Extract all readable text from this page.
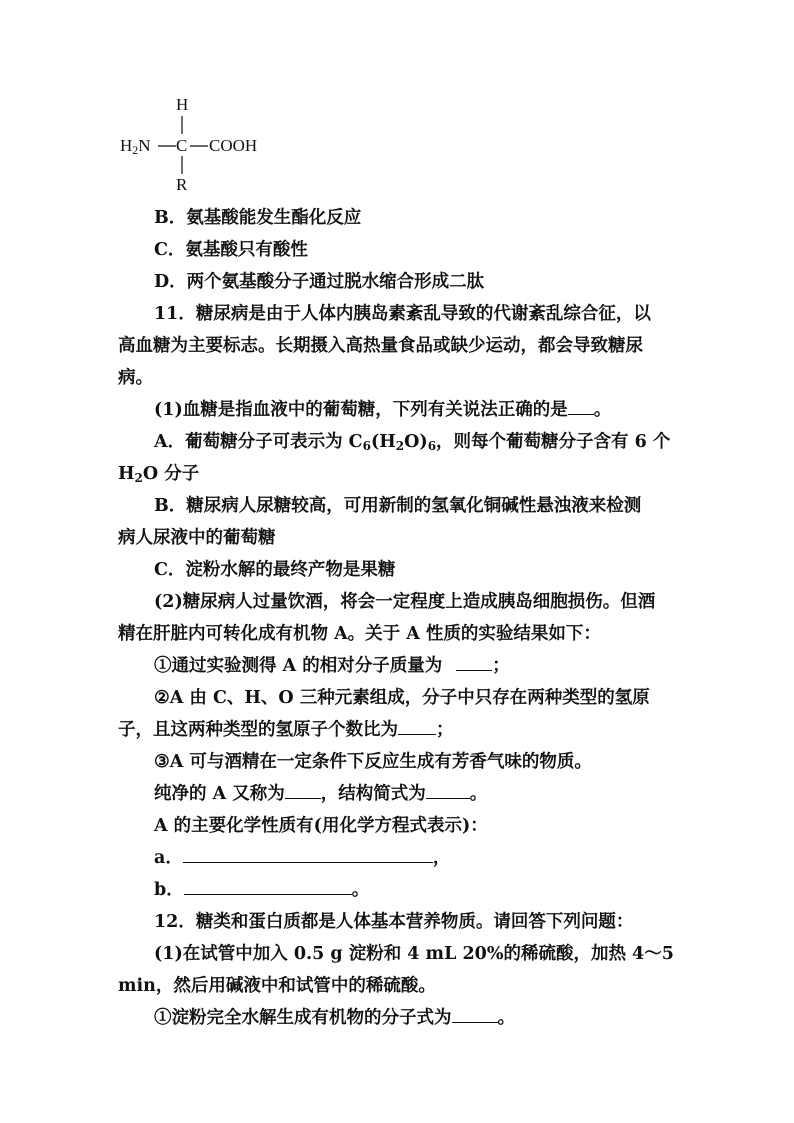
H
$H_2N$ C COOH
R
B．氨基酸能发生酯化反应
C．氨基酸只有酸性
D．两个氨基酸分子通过脱水缩合形成二肽
11．糖尿病是由于人体内胰岛素紊乱导致的代谢紊乱综合征，以
高血糖为主要标志。长期摄入高热量食品或缺少运动，都会导致糖尿
病。
(1)血糖是指血液中的葡萄糖，下列有关说法正确的是 。
A．葡萄糖分子可表示为 $C_6(H_2O)_6$，则每个葡萄糖分子含有 6 个
$H_2O$ 分子
B．糖尿病人尿糖较高，可用新制的氢氧化铜碱性悬浊液来检测
病人尿液中的葡萄糖
C．淀粉水解的最终产物是果糖
(2)糖尿病人过量饮酒，将会一定程度上造成胰岛细胞损伤。但酒
精在肝脏内可转化成有机物 A。关于 A 性质的实验结果如下：
①通过实验测得 A 的相对分子质量为	；
②A 由 C、H、O 三种元素组成，分子中只存在两种类型的氢原
子，且这两种类型的氢原子个数比为 ；
③A 可与酒精在一定条件下反应生成有芳香气味的物质。
纯净的 A 又称为 ，结构简式为	。
A 的主要化学性质有(用化学方程式表示)：
a．	，
b．	。
12．糖类和蛋白质都是人体基本营养物质。请回答下列问题：
(1)在试管中加入 0.5 g 淀粉和 4 mL 20%的稀硫酸，加热 4～5
min，然后用碱液中和试管中的稀硫酸。
①淀粉完全水解生成有机物的分子式为	。
